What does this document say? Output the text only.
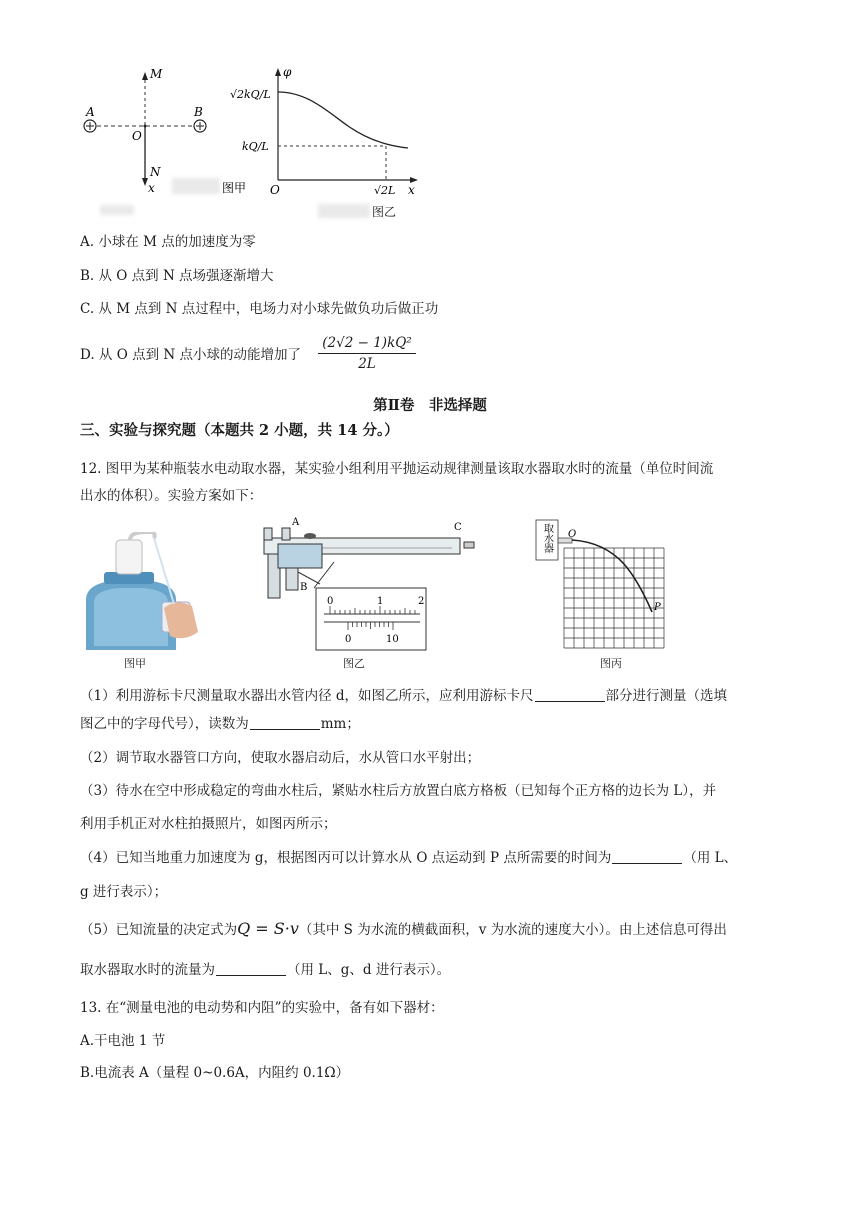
A	B
O
M
N
x	图甲
φ
x
O
√2kQ/L
kQ/L
√2L
图乙
A. 小球在 M 点的加速度为零
B. 从 O 点到 N 点场强逐渐增大
C. 从 M 点到 N 点过程中，电场力对小球先做负功后做正功
D. 从 O 点到 N 点小球的动能增加了
(2√2 − 1)kQ²
2L
第Ⅱ卷　非选择题
三、实验与探究题（本题共 2 小题，共 14 分。）
12. 图甲为某种瓶装水电动取水器，某实验小组利用平抛运动规律测量该取水器取水时的流量（单位时间流
出水的体积）。实验方案如下：
图甲
A
B
C
0	1	2
0	10
图乙
取水器 O
P
图丙
（1）利用游标卡尺测量取水器出水管内径 d，如图乙所示，应利用游标卡尺	部分进行测量（选填
图乙中的字母代号），读数为	mm；
（2）调节取水器管口方向，使取水器启动后，水从管口水平射出；
（3）待水在空中形成稳定的弯曲水柱后，紧贴水柱后方放置白底方格板（已知每个正方格的边长为 L），并
利用手机正对水柱拍摄照片，如图丙所示；
（4）已知当地重力加速度为 g，根据图丙可以计算水从 O 点运动到 P 点所需要的时间为	（用 L、
g 进行表示）；
（5）已知流量的决定式为Q = S·v（其中 S 为水流的横截面积，v 为水流的速度大小）。由上述信息可得出
取水器取水时的流量为	（用 L、g、d 进行表示）。
13. 在“测量电池的电动势和内阻”的实验中，备有如下器材：
A.干电池 1 节
B.电流表 A（量程 0~0.6A，内阻约 0.1Ω）
